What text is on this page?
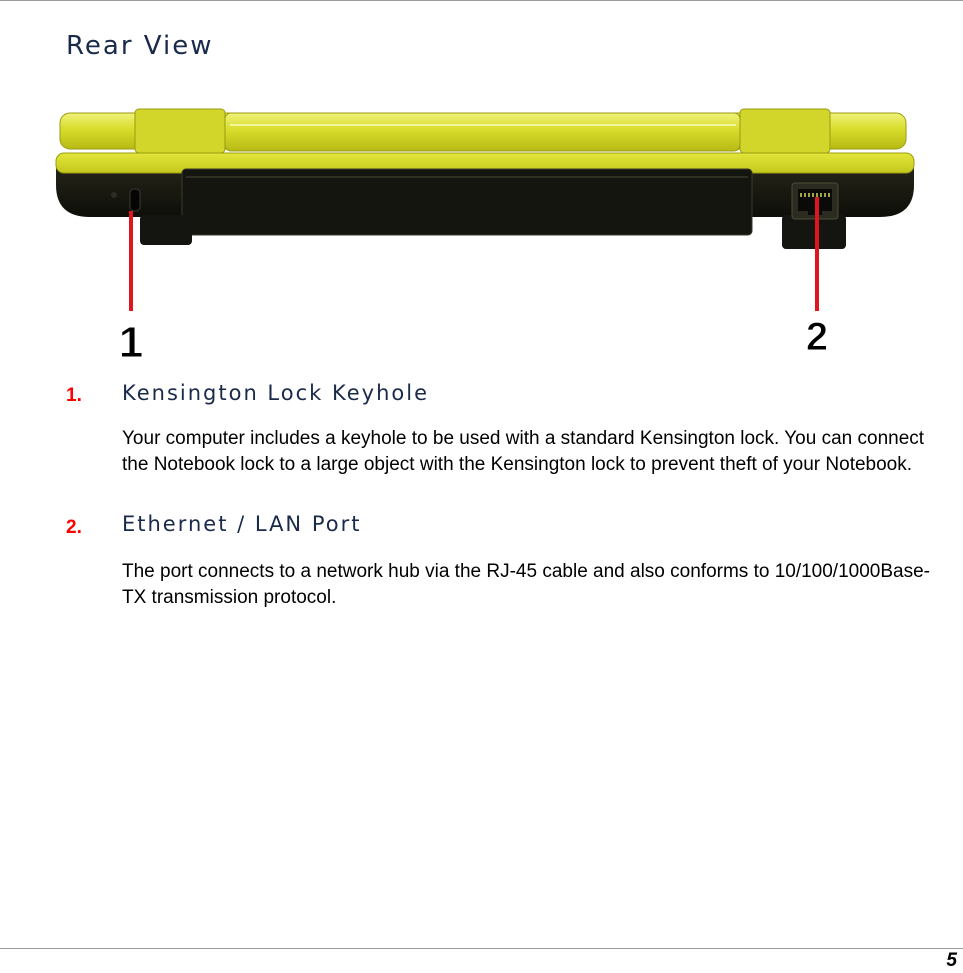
Rear View
1	2
1. Kensington Lock Keyhole
Your computer includes a keyhole to be used with a standard Kensington lock. You can connect the Notebook lock to a large object with the Kensington lock to prevent theft of your Notebook.
2. Ethernet / LAN Port
The port connects to a network hub via the RJ-45 cable and also conforms to 10/100/1000Base-TX transmission protocol.
5
